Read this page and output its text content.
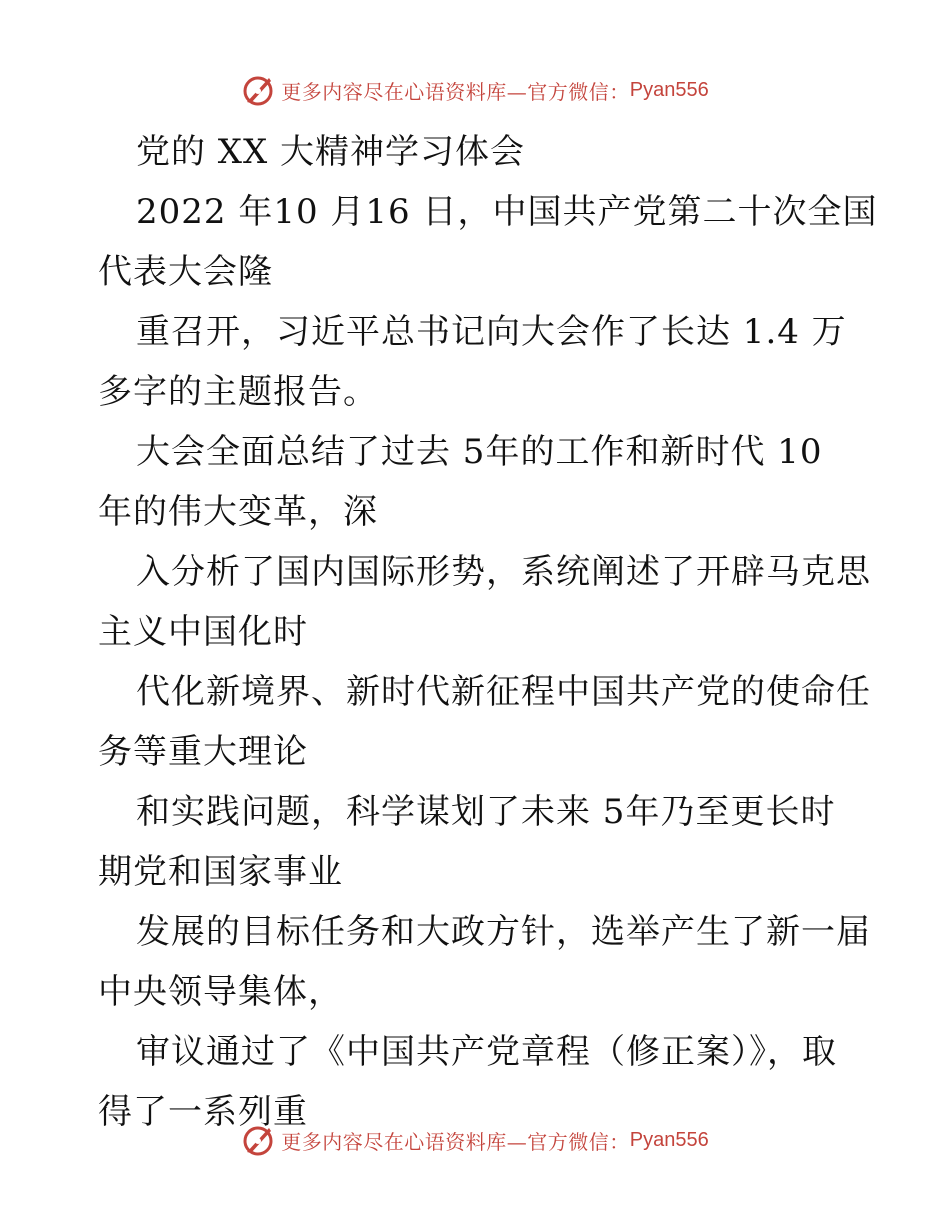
更多内容尽在心语资料库—官方微信： Pyan556
党的 XX 大精神学习体会
2022 年10 月16 日，中国共产党第二十次全国
代表大会隆
重召开，习近平总书记向大会作了长达 1.4 万
多字的主题报告。
大会全面总结了过去 5年的工作和新时代 10
年的伟大变革，深
入分析了国内国际形势，系统阐述了开辟马克思
主义中国化时
代化新境界、新时代新征程中国共产党的使命任
务等重大理论
和实践问题，科学谋划了未来 5年乃至更长时
期党和国家事业
发展的目标任务和大政方针，选举产生了新一届
中央领导集体，
审议通过了《中国共产党章程（修正案）》，取
得了一系列重
更多内容尽在心语资料库—官方微信： Pyan556
